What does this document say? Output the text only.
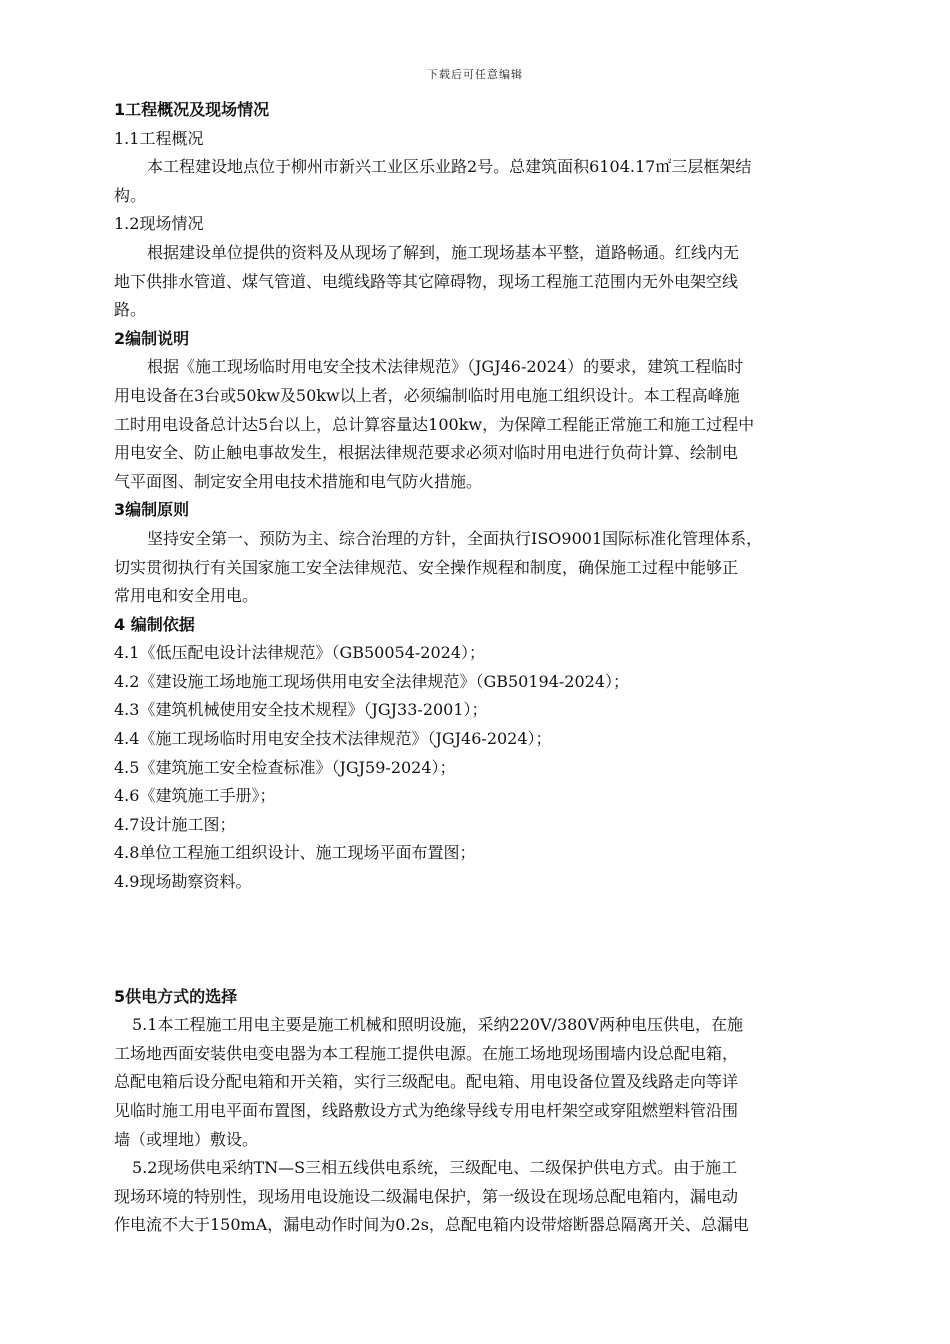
下载后可任意编辑
1工程概况及现场情况
1.1工程概况
本工程建设地点位于柳州市新兴工业区乐业路2号。总建筑面积6104.17㎡三层框架结
构。
1.2现场情况
根据建设单位提供的资料及从现场了解到，施工现场基本平整，道路畅通。红线内无
地下供排水管道、煤气管道、电缆线路等其它障碍物，现场工程施工范围内无外电架空线
路。
2编制说明
根据《施工现场临时用电安全技术法律规范》（JGJ46-2024）的要求，建筑工程临时
用电设备在3台或50kw及50kw以上者，必须编制临时用电施工组织设计。本工程高峰施
工时用电设备总计达5台以上，总计算容量达100kw，为保障工程能正常施工和施工过程中
用电安全、防止触电事故发生，根据法律规范要求必须对临时用电进行负荷计算、绘制电
气平面图、制定安全用电技术措施和电气防火措施。
3编制原则
坚持安全第一、预防为主、综合治理的方针，全面执行ISO9001国际标准化管理体系，
切实贯彻执行有关国家施工安全法律规范、安全操作规程和制度，确保施工过程中能够正
常用电和安全用电。
4 编制依据
4.1《低压配电设计法律规范》（GB50054-2024）；
4.2《建设施工场地施工现场供用电安全法律规范》（GB50194-2024）；
4.3《建筑机械使用安全技术规程》（JGJ33-2001）；
4.4《施工现场临时用电安全技术法律规范》（JGJ46-2024）；
4.5《建筑施工安全检查标准》（JGJ59-2024）；
4.6《建筑施工手册》；
4.7设计施工图；
4.8单位工程施工组织设计、施工现场平面布置图；
4.9现场勘察资料。
5供电方式的选择
5.1本工程施工用电主要是施工机械和照明设施，采纳220V/380V两种电压供电，在施
工场地西面安装供电变电器为本工程施工提供电源。在施工场地现场围墙内设总配电箱，
总配电箱后设分配电箱和开关箱，实行三级配电。配电箱、用电设备位置及线路走向等详
见临时施工用电平面布置图，线路敷设方式为绝缘导线专用电杆架空或穿阻燃塑料管沿围
墙（或埋地）敷设。
5.2现场供电采纳TN—S三相五线供电系统，三级配电、二级保护供电方式。由于施工
现场环境的特别性，现场用电设施设二级漏电保护，第一级设在现场总配电箱内，漏电动
作电流不大于150mA，漏电动作时间为0.2s，总配电箱内设带熔断器总隔离开关、总漏电
